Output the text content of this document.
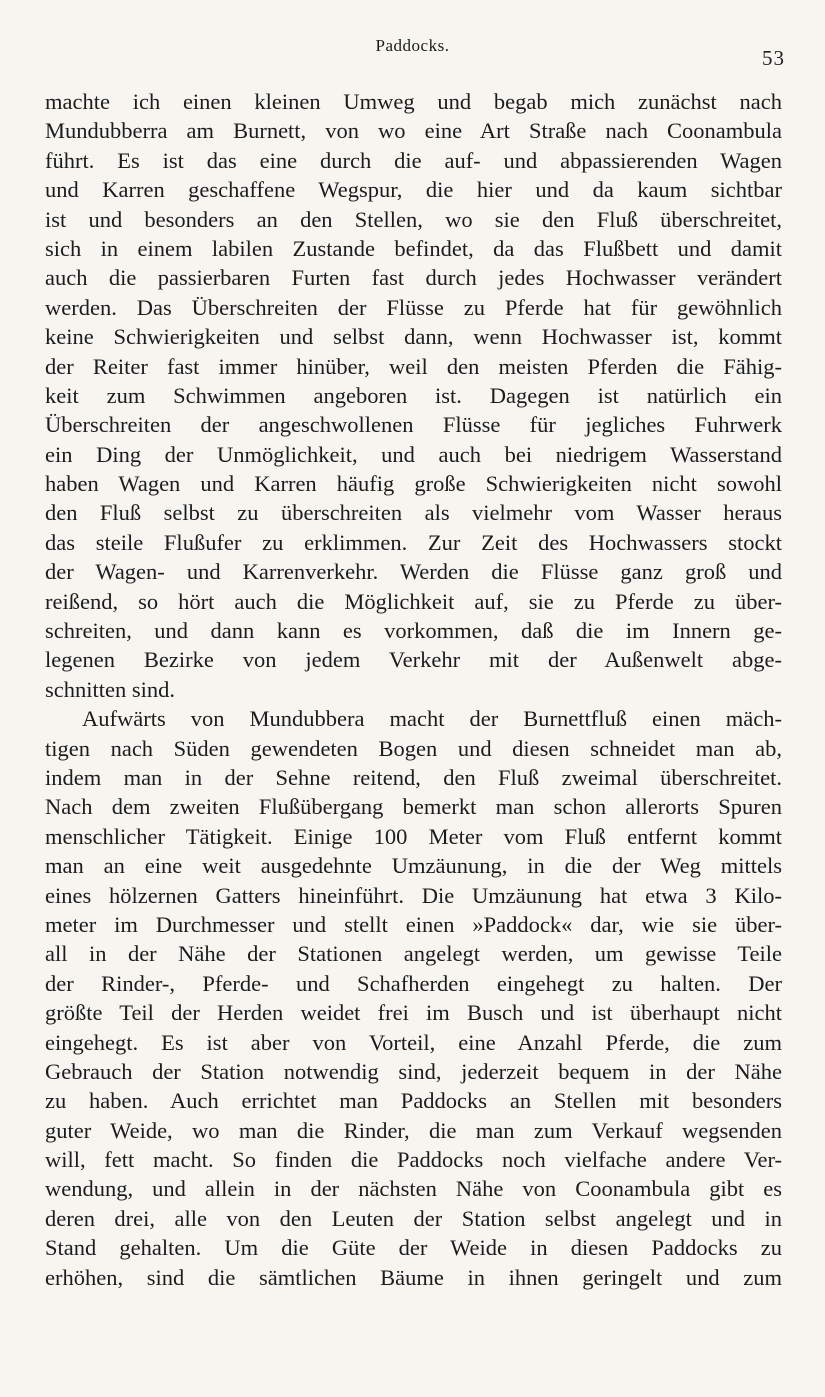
Paddocks.
53
machte ich einen kleinen Umweg und begab mich zunächst nach
Mundubberra am Burnett, von wo eine Art Straße nach Coonambula
führt. Es ist das eine durch die auf- und abpassierenden Wagen
und Karren geschaffene Wegspur, die hier und da kaum sichtbar
ist und besonders an den Stellen, wo sie den Fluß überschreitet,
sich in einem labilen Zustande befindet, da das Flußbett und damit
auch die passierbaren Furten fast durch jedes Hochwasser verändert
werden. Das Überschreiten der Flüsse zu Pferde hat für gewöhnlich
keine Schwierigkeiten und selbst dann, wenn Hochwasser ist, kommt
der Reiter fast immer hinüber, weil den meisten Pferden die Fähig-
keit zum Schwimmen angeboren ist. Dagegen ist natürlich ein
Überschreiten der angeschwollenen Flüsse für jegliches Fuhrwerk
ein Ding der Unmöglichkeit, und auch bei niedrigem Wasserstand
haben Wagen und Karren häufig große Schwierigkeiten nicht sowohl
den Fluß selbst zu überschreiten als vielmehr vom Wasser heraus
das steile Flußufer zu erklimmen. Zur Zeit des Hochwassers stockt
der Wagen- und Karrenverkehr. Werden die Flüsse ganz groß und
reißend, so hört auch die Möglichkeit auf, sie zu Pferde zu über-
schreiten, und dann kann es vorkommen, daß die im Innern ge-
legenen Bezirke von jedem Verkehr mit der Außenwelt abge-
schnitten sind.
Aufwärts von Mundubbera macht der Burnettfluß einen mäch-
tigen nach Süden gewendeten Bogen und diesen schneidet man ab,
indem man in der Sehne reitend, den Fluß zweimal überschreitet.
Nach dem zweiten Flußübergang bemerkt man schon allerorts Spuren
menschlicher Tätigkeit. Einige 100 Meter vom Fluß entfernt kommt
man an eine weit ausgedehnte Umzäunung, in die der Weg mittels
eines hölzernen Gatters hineinführt. Die Umzäunung hat etwa 3 Kilo-
meter im Durchmesser und stellt einen »Paddock« dar, wie sie über-
all in der Nähe der Stationen angelegt werden, um gewisse Teile
der Rinder-, Pferde- und Schafherden eingehegt zu halten. Der
größte Teil der Herden weidet frei im Busch und ist überhaupt nicht
eingehegt. Es ist aber von Vorteil, eine Anzahl Pferde, die zum
Gebrauch der Station notwendig sind, jederzeit bequem in der Nähe
zu haben. Auch errichtet man Paddocks an Stellen mit besonders
guter Weide, wo man die Rinder, die man zum Verkauf wegsenden
will, fett macht. So finden die Paddocks noch vielfache andere Ver-
wendung, und allein in der nächsten Nähe von Coonambula gibt es
deren drei, alle von den Leuten der Station selbst angelegt und in
Stand gehalten. Um die Güte der Weide in diesen Paddocks zu
erhöhen, sind die sämtlichen Bäume in ihnen geringelt und zum
